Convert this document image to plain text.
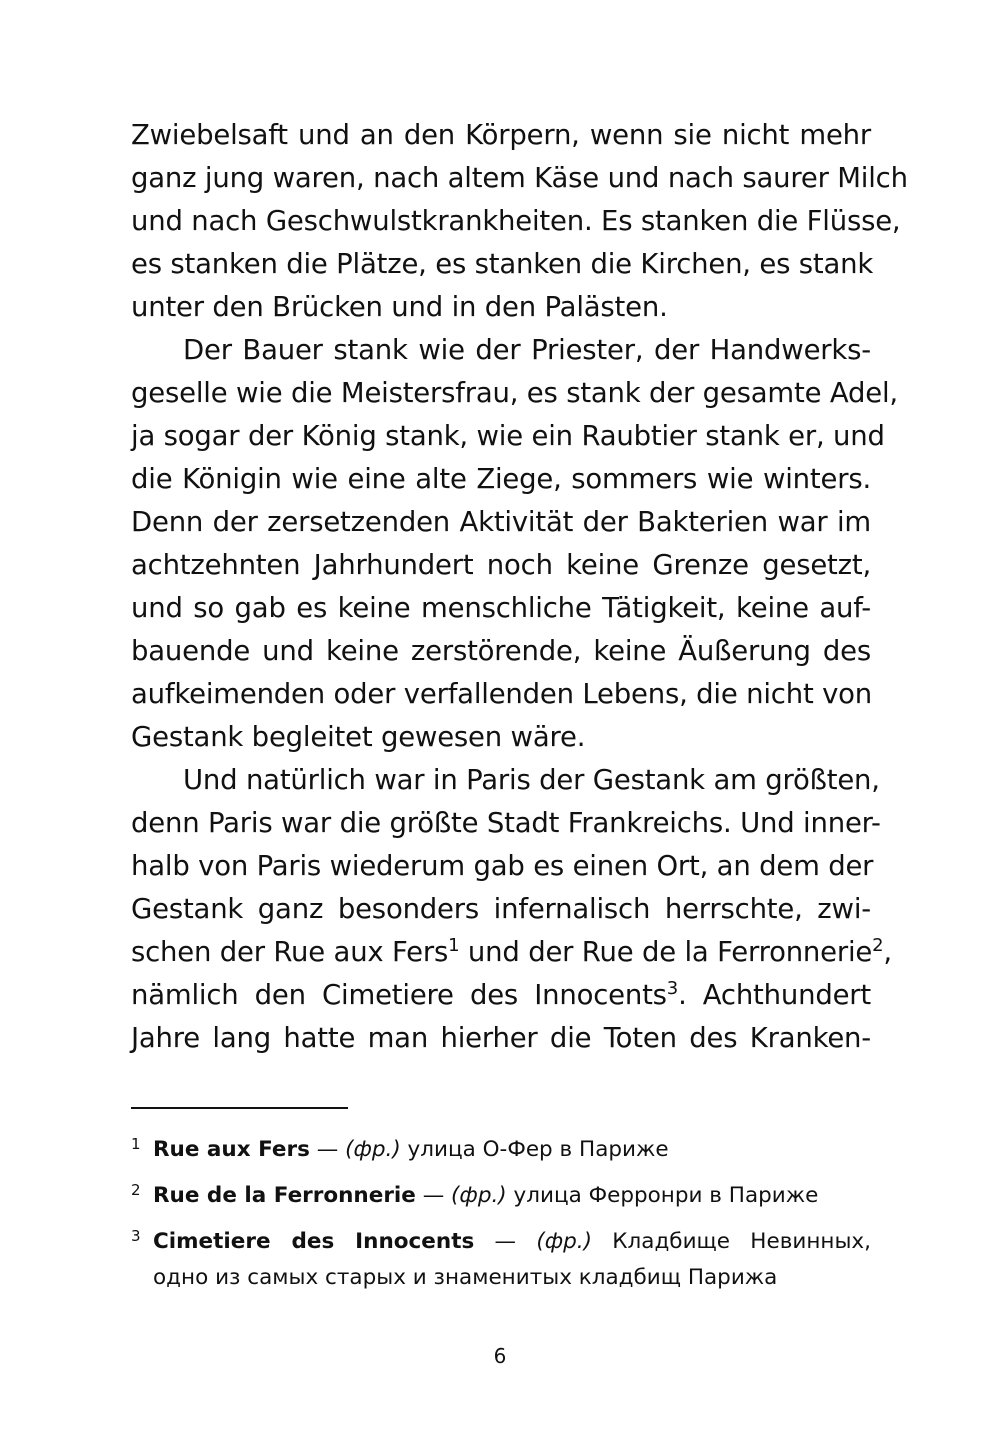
Zwiebelsaft und an den Körpern, wenn sie nicht mehr
ganz jung waren, nach altem Käse und nach saurer Milch
und nach Geschwulstkrankheiten. Es stanken die Flüsse,
es stanken die Plätze, es stanken die Kirchen, es stank
unter den Brücken und in den Palästen.
Der Bauer stank wie der Priester, der Handwerks-
geselle wie die Meistersfrau, es stank der gesamte Adel,
ja sogar der König stank, wie ein Raubtier stank er, und
die Königin wie eine alte Ziege, sommers wie winters.
Denn der zersetzenden Aktivität der Bakterien war im
achtzehnten Jahrhundert noch keine Grenze gesetzt,
und so gab es keine menschliche Tätigkeit, keine auf-
bauende und keine zerstörende, keine Äußerung des
aufkeimenden oder verfallenden Lebens, die nicht von
Gestank begleitet gewesen wäre.
Und natürlich war in Paris der Gestank am größten,
denn Paris war die größte Stadt Frankreichs. Und inner-
halb von Paris wiederum gab es einen Ort, an dem der
Gestank ganz besonders infernalisch herrschte, zwi-
schen der Rue aux Fers$^1$ und der Rue de la Ferronnerie$^2$,
nämlich den Cimetiere des Innocents$^3$. Achthundert
Jahre lang hatte man hierher die Toten des Kranken-
1 Rue aux Fers — (фр.) улица О-Фер в Париже
2 Rue de la Ferronnerie — (фр.) улица Ферронри в Париже
3 Cimetiere des Innocents — (фр.) Кладбище Невинных,
одно из самых старых и знаменитых кладбищ Парижа
6
